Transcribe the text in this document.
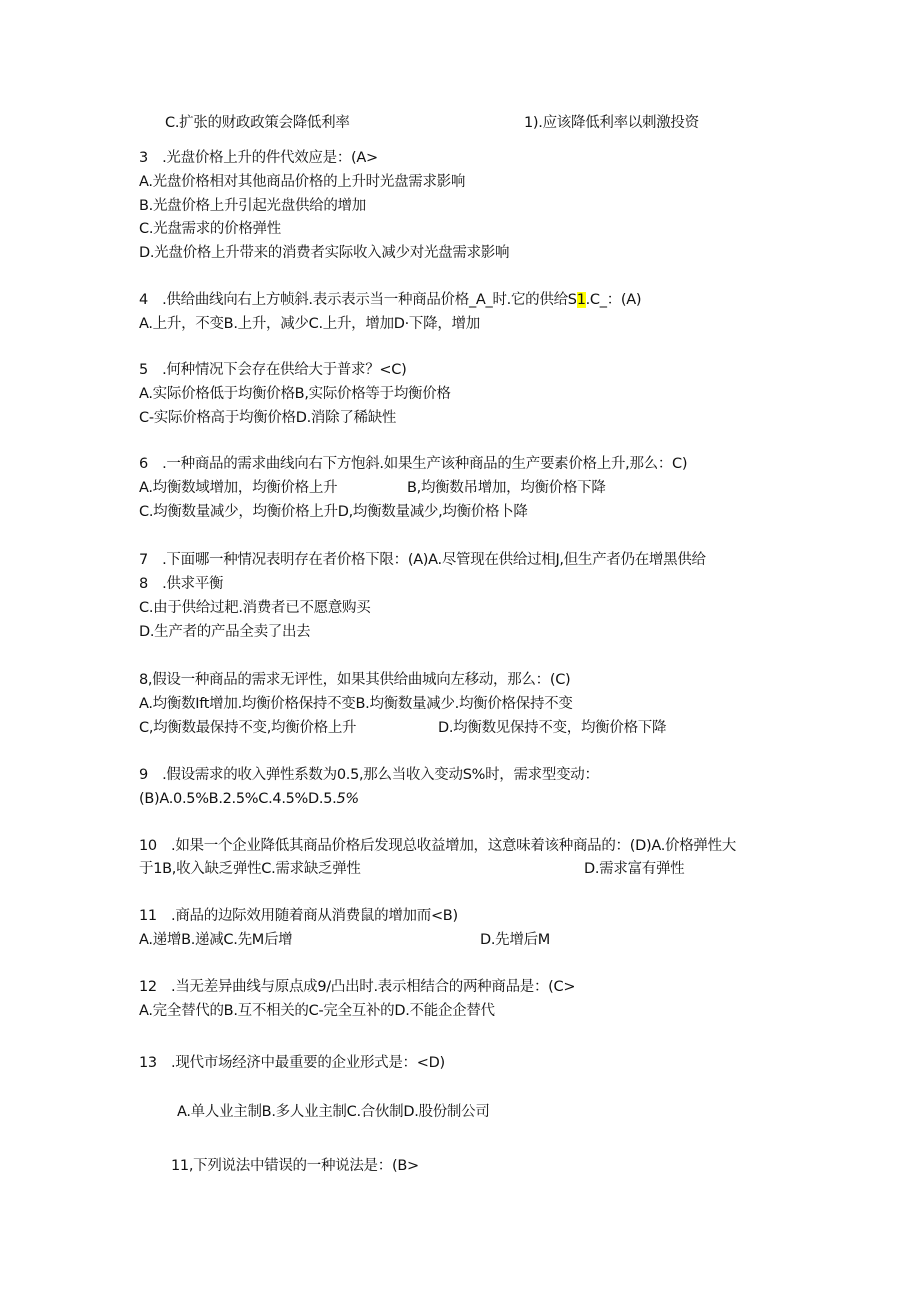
C.扩张的财政政策会降低利率	1).应该降低利率以刺激投资
3　.光盘价格上升的件代效应是：(A>
A.光盘价格相对其他商品价格的上升时光盘需求影响
B.光盘价格上升引起光盘供给的增加
C.光盘需求的价格弹性
D.光盘价格上升带来的消费者实际收入减少对光盘需求影响
4　.供给曲线向右上方帧斜.表示表示当一种商品价格_A_时.它的供给S1.C_：(A)
A.上升，不变B.上升，减少C.上升，增加D·下降，增加
5　.何种情况下会存在供给大于普求？<C)
A.实际价格低于均衡价格B,实际价格等于均衡价格
C-实际价格高于均衡价格D.消除了稀缺性
6　.一种商品的需求曲线向右下方怉斜.如果生产该种商品的生产要素价格上升,那么：C)
A.均衡数域增加，均衡价格上升	B,均衡数吊增加，均衡价格下降
C.均衡数量减少，均衡价格上升D,均衡数量减少,均衡价格卜降
7　.下面哪一种情况表明存在者价格下限：(A)A.尽管现在供给过相J,但生产者仍在增黑供给
8　.供求平衡
C.由于供给过耙.消费者已不愿意购买
D.生产者的产品全卖了出去
8,假设一种商品的需求无评性，如果其供给曲城向左移动，那么：(C)
A.均衡数Ift增加.均衡价格保持不变B.均衡数量减少.均衡价格保持不变
C,均衡数最保持不变,均衡价格上升	D.均衡数见保持不变，均衡价格下降
9　.假设需求的收入弹性系数为0.5,那么当收入变动S%时，需求型变动：
(B)A.0.5%B.2.5%C.4.5%D.5.5%
10　.如果一个企业降低其商品价格后发现总收益增加，这意味着该种商品的：(D)A.价格弹性大
于1B,收入缺乏弹性C.需求缺乏弹性	D.需求富有弹性
11　.商品的边际效用随着商从消费鼠的增加而<B)
A.递增B.递减C.先M后增	D.先增后M
12　.当无差异曲线与原点成9/凸出时.表示相结合的两种商品是：(C>
A.完全替代的B.互不相关的C-完全互补的D.不能企企替代
13　.现代市场经济中最重要的企业形式是：<D)
A.单人业主制B.多人业主制C.合伙制D.股份制公司
11,下列说法中错误的一种说法是：(B>
